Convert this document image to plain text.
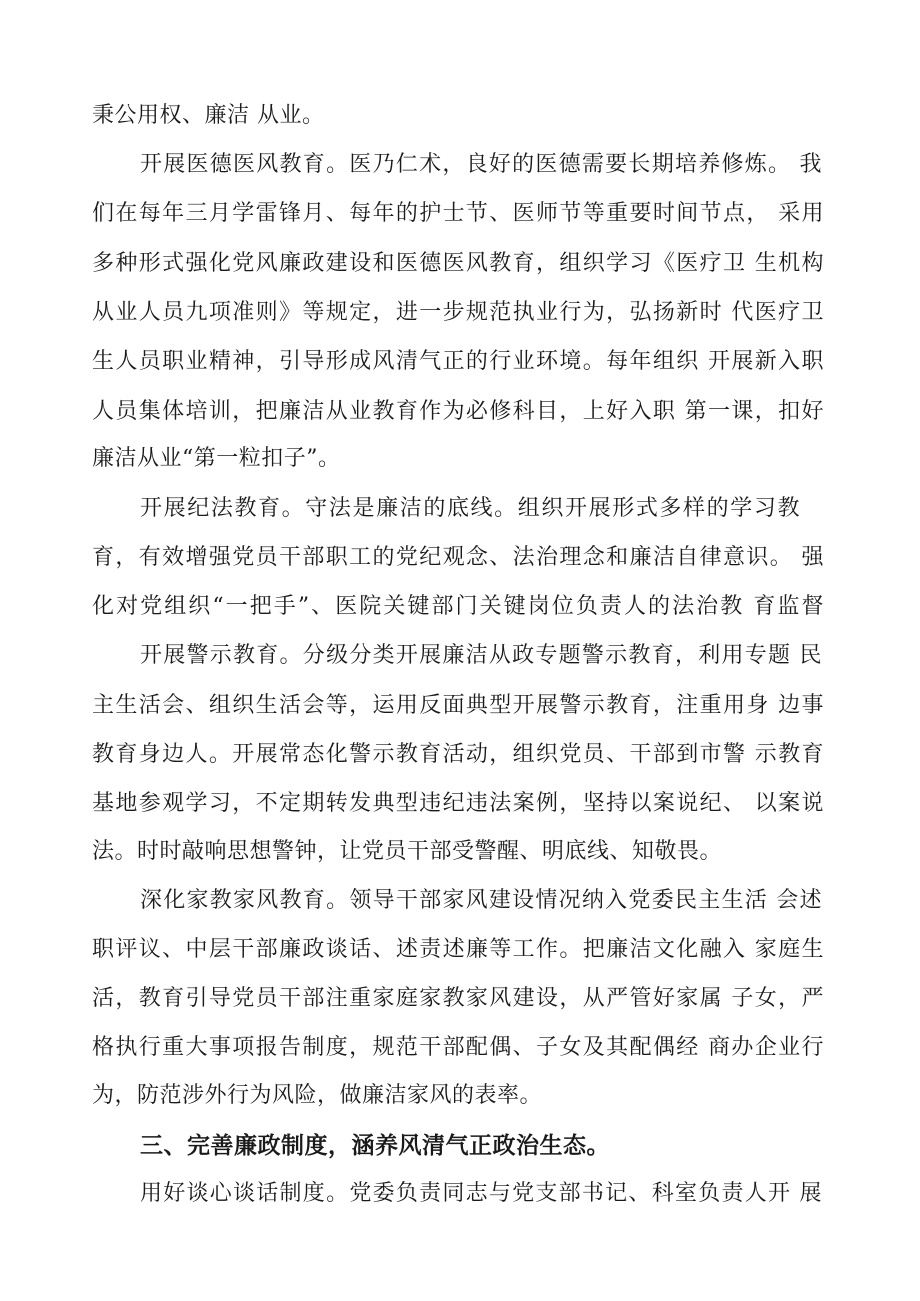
秉公用权、廉洁 从业。
开展医德医风教育。医乃仁术，良好的医德需要长期培养修炼。 我
们在每年三月学雷锋月、每年的护士节、医师节等重要时间节点， 采用
多种形式强化党风廉政建设和医德医风教育，组织学习《医疗卫 生机构
从业人员九项准则》等规定，进一步规范执业行为，弘扬新时 代医疗卫
生人员职业精神，引导形成风清气正的行业环境。每年组织 开展新入职
人员集体培训，把廉洁从业教育作为必修科目，上好入职 第一课，扣好
廉洁从业“第一粒扣子”。
开展纪法教育。守法是廉洁的底线。组织开展形式多样的学习教
育，有效增强党员干部职工的党纪观念、法治理念和廉洁自律意识。 强
化对党组织“一把手”、医院关键部门关键岗位负责人的法治教 育监督
开展警示教育。分级分类开展廉洁从政专题警示教育，利用专题 民
主生活会、组织生活会等，运用反面典型开展警示教育，注重用身 边事
教育身边人。开展常态化警示教育活动，组织党员、干部到市警 示教育
基地参观学习，不定期转发典型违纪违法案例，坚持以案说纪、 以案说
法。时时敲响思想警钟，让党员干部受警醒、明底线、知敬畏。
深化家教家风教育。领导干部家风建设情况纳入党委民主生活 会述
职评议、中层干部廉政谈话、述责述廉等工作。把廉洁文化融入 家庭生
活，教育引导党员干部注重家庭家教家风建设，从严管好家属 子女，严
格执行重大事项报告制度，规范干部配偶、子女及其配偶经 商办企业行
为，防范涉外行为风险，做廉洁家风的表率。
三、完善廉政制度，涵养风清气正政治生态。
用好谈心谈话制度。党委负责同志与党支部书记、科室负责人开 展
